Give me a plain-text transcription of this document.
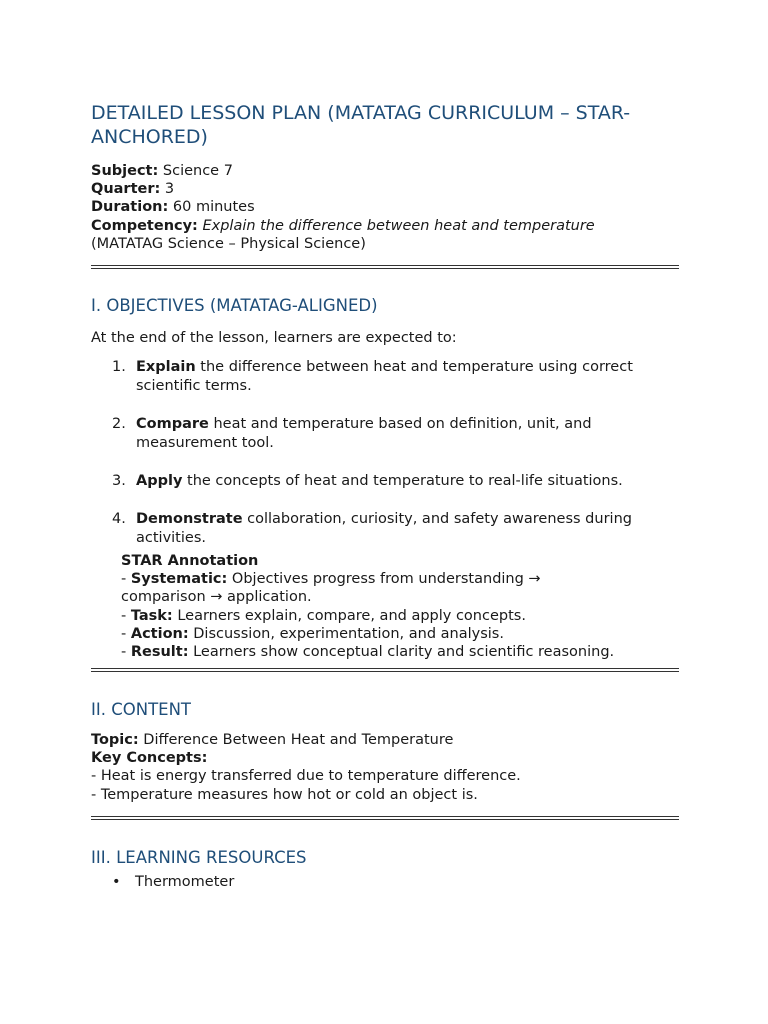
DETAILED LESSON PLAN (MATATAG CURRICULUM – STAR-ANCHORED)
Subject: Science 7
Quarter: 3
Duration: 60 minutes
Competency: Explain the difference between heat and temperature
(MATATAG Science – Physical Science)
I. OBJECTIVES (MATATAG-ALIGNED)
At the end of the lesson, learners are expected to:
1. Explain the difference between heat and temperature using correct scientific terms.
2. Compare heat and temperature based on definition, unit, and measurement tool.
3. Apply the concepts of heat and temperature to real-life situations.
4. Demonstrate collaboration, curiosity, and safety awareness during activities.
STAR Annotation
- Systematic: Objectives progress from understanding →
comparison → application.
- Task: Learners explain, compare, and apply concepts.
- Action: Discussion, experimentation, and analysis.
- Result: Learners show conceptual clarity and scientific reasoning.
II. CONTENT
Topic: Difference Between Heat and Temperature
Key Concepts:
- Heat is energy transferred due to temperature difference.
- Temperature measures how hot or cold an object is.
III. LEARNING RESOURCES
• Thermometer
